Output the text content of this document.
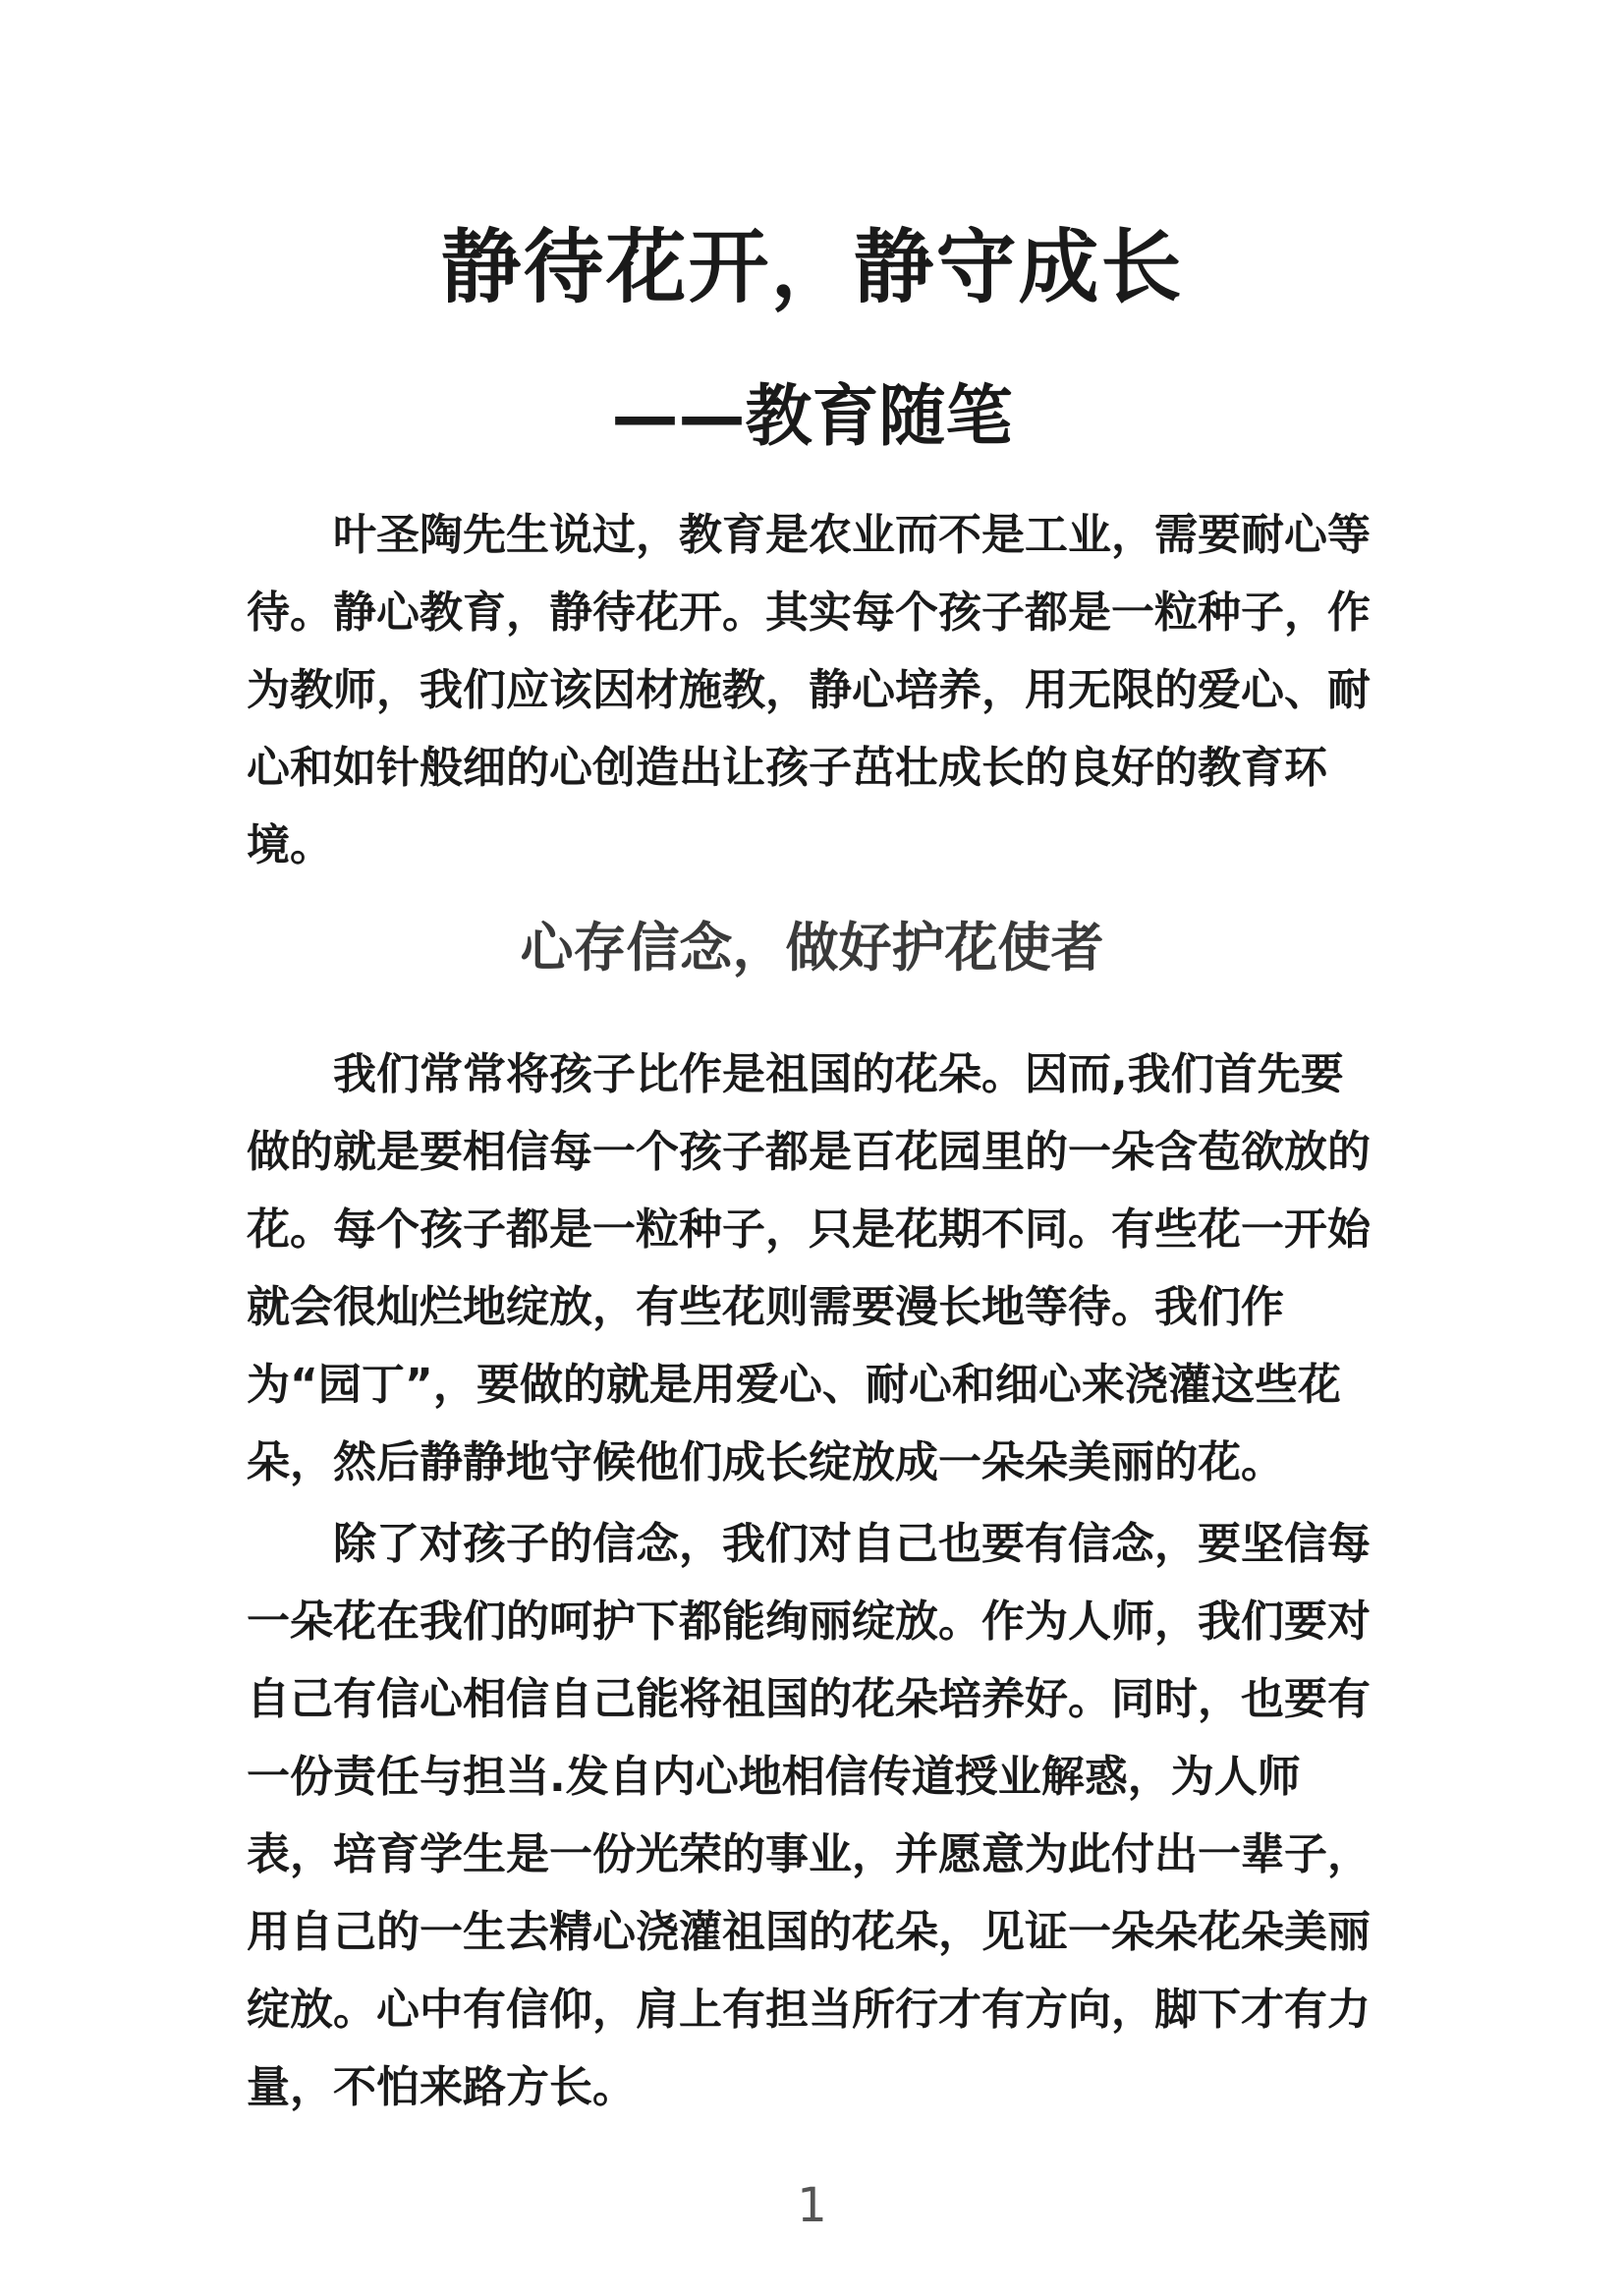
静待花开，静守成长
——教育随笔

叶圣陶先生说过，教育是农业而不是工业，需要耐心等待。静心教育，静待花开。其实每个孩子都是一粒种子，作为教师，我们应该因材施教，静心培养，用无限的爱心、耐心和如针般细的心创造出让孩子茁壮成长的良好的教育环境。

心存信念，做好护花使者

我们常常将孩子比作是祖国的花朵。因而,我们首先要做的就是要相信每一个孩子都是百花园里的一朵含苞欲放的花。每个孩子都是一粒种子，只是花期不同。有些花一开始就会很灿烂地绽放，有些花则需要漫长地等待。我们作为“园丁”，要做的就是用爱心、耐心和细心来浇灌这些花朵，然后静静地守候他们成长绽放成一朵朵美丽的花。

除了对孩子的信念，我们对自己也要有信念，要坚信每一朵花在我们的呵护下都能绚丽绽放。作为人师，我们要对自己有信心相信自己能将祖国的花朵培养好。同时，也要有一份责任与担当.发自内心地相信传道授业解惑，为人师表，培育学生是一份光荣的事业，并愿意为此付出一辈子，用自己的一生去精心浇灌祖国的花朵，见证一朵朵花朵美丽绽放。心中有信仰，肩上有担当所行才有方向，脚下才有力量，不怕来路方长。

1
